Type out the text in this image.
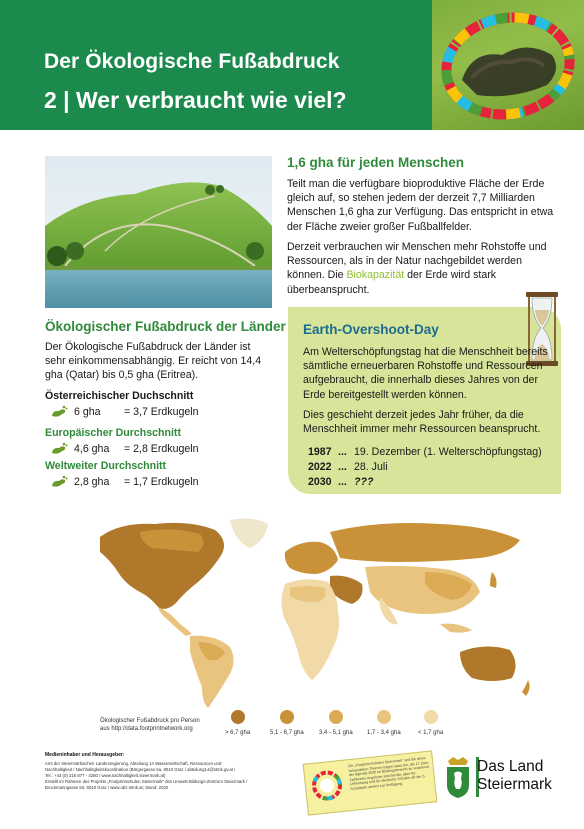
Der Ökologische Fußabdruck
2 | Wer verbraucht wie viel?
1,6 gha für jeden Menschen

Teilt man die verfügbare bioproduktive Fläche der Erde gleich auf, so stehen jedem der derzeit 7,7 Milliarden Menschen 1,6 gha zur Verfügung. Das entspricht in etwa der Fläche zweier großer Fußballfelder.

Derzeit verbrauchen wir Menschen mehr Rohstoffe und Ressourcen, als in der Natur nachgebildet werden können. Die Biokapazität der Erde wird stark überbeansprucht.

Ökologischer Fußabdruck der Länder

Der Ökologische Fußabdruck der Länder ist sehr einkommensabhängig. Er reicht von 14,4 gha (Qatar) bis 0,5 gha (Eritrea).

Österreichischer Duchschnitt
6 gha	= 3,7 Erdkugeln
Europäischer Durchschnitt
4,6 gha	= 2,8 Erdkugeln
Weltweiter Durchschnitt
2,8 gha	= 1,7 Erdkugeln
Earth-Overshoot-Day

Am Welterschöpfungstag hat die Menschheit bereits sämtliche erneuerbaren Rohstoffe und Ressourcen aufgebraucht, die innerhalb dieses Jahres von der Erde bereitgestellt werden können.

Dies geschieht derzeit jedes Jahr früher, da die Menschheit immer mehr Ressourcen beansprucht.

1987 ... 19. Dezember (1. Welterschöpfungstag)
2022 ... 28. Juli
2030 ... ???
Ökologischer Fußabdruck pro Person aus http://data.footprintnetwork.org
> 6,7 gha	5,1 - 6,7 gha	3,4 - 5,1 gha 1,7 - 3,4 gha	< 1,7 gha
Medieninhaber und Herausgeber:
Amt der Steiermärkischen Landesregierung, Abteilung 14 Wasserwirtschaft, Ressourcen und
Nachhaltigkeit / Nachhaltigkeitskoordination (Bürgergasse 5a, 8010 Graz / abteilung14@stmk.gv.at /
Tel.: +43 (0) 316 877 - 4280 / www.nachhaltigkeit.steiermark.at)
Erstellt im Rahmen des Projekts „Footprintschulen Steiermark“ des Umwelt-Bildungs-Zentrum Steiermark /
Brockmanngasse 53, 8010 Graz / www.ubz-stmk.at; Stand: 2022
Die „Footprint-Schulen Steiermark“ und die diese behandelten Themen tragen dazu bei, die 17 Ziele der Agenda 2030 im Bildungsbereich zu verankern. Zahlreiche Angebote sind hierfür, allen für Lebensweg und für steirische Schulen ab der 5. Schulstufe stehen zur Verfügung.
Das Land
Steiermark
